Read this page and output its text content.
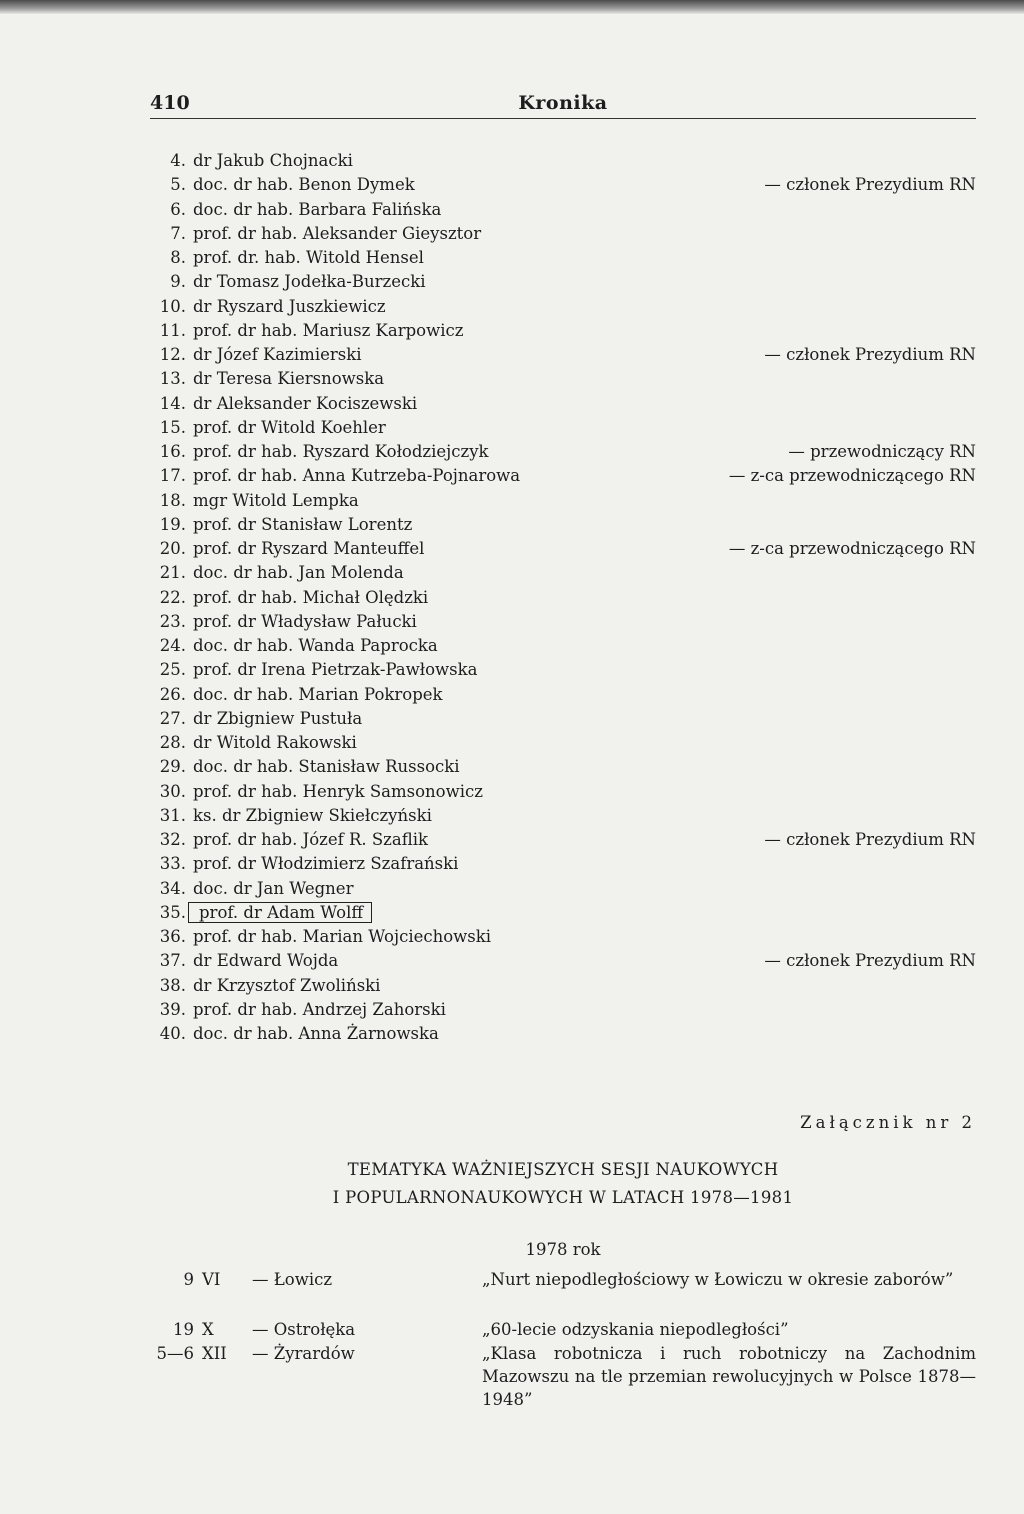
410	Kronika
4. dr Jakub Chojnacki
5. doc. dr hab. Benon Dymek	— członek Prezydium RN
6. doc. dr hab. Barbara Falińska
7. prof. dr hab. Aleksander Gieysztor
8. prof. dr. hab. Witold Hensel
9. dr Tomasz Jodełka-Burzecki
10. dr Ryszard Juszkiewicz
11. prof. dr hab. Mariusz Karpowicz
12. dr Józef Kazimierski	— członek Prezydium RN
13. dr Teresa Kiersnowska
14. dr Aleksander Kociszewski
15. prof. dr Witold Koehler
16. prof. dr hab. Ryszard Kołodziejczyk	— przewodniczący RN
17. prof. dr hab. Anna Kutrzeba-Pojnarowa	— z-ca przewodniczącego RN
18. mgr Witold Lempka
19. prof. dr Stanisław Lorentz
20. prof. dr Ryszard Manteuffel	— z-ca przewodniczącego RN
21. doc. dr hab. Jan Molenda
22. prof. dr hab. Michał Olędzki
23. prof. dr Władysław Pałucki
24. doc. dr hab. Wanda Paprocka
25. prof. dr Irena Pietrzak-Pawłowska
26. doc. dr hab. Marian Pokropek
27. dr Zbigniew Pustuła
28. dr Witold Rakowski
29. doc. dr hab. Stanisław Russocki
30. prof. dr hab. Henryk Samsonowicz
31. ks. dr Zbigniew Skiełczyński
32. prof. dr hab. Józef R. Szaflik	— członek Prezydium RN
33. prof. dr Włodzimierz Szafrański
34. doc. dr Jan Wegner
35. prof. dr Adam Wolff
36. prof. dr hab. Marian Wojciechowski
37. dr Edward Wojda	— członek Prezydium RN
38. dr Krzysztof Zwoliński
39. prof. dr hab. Andrzej Zahorski
40. doc. dr hab. Anna Żarnowska
Załącznik nr 2
TEMATYKA WAŻNIEJSZYCH SESJI NAUKOWYCH
I POPULARNONAUKOWYCH W LATACH 1978—1981
1978 rok
9 VI — Łowicz	„Nurt niepodległościowy w Łowiczu w okresie zaborów”
19 X — Ostrołęka	„60-lecie odzyskania niepodległości”
5—6 XII — Żyrardów	„Klasa robotnicza i ruch robotniczy na Zachodnim Mazowszu na tle przemian rewolucyjnych w Polsce 1878—1948”
